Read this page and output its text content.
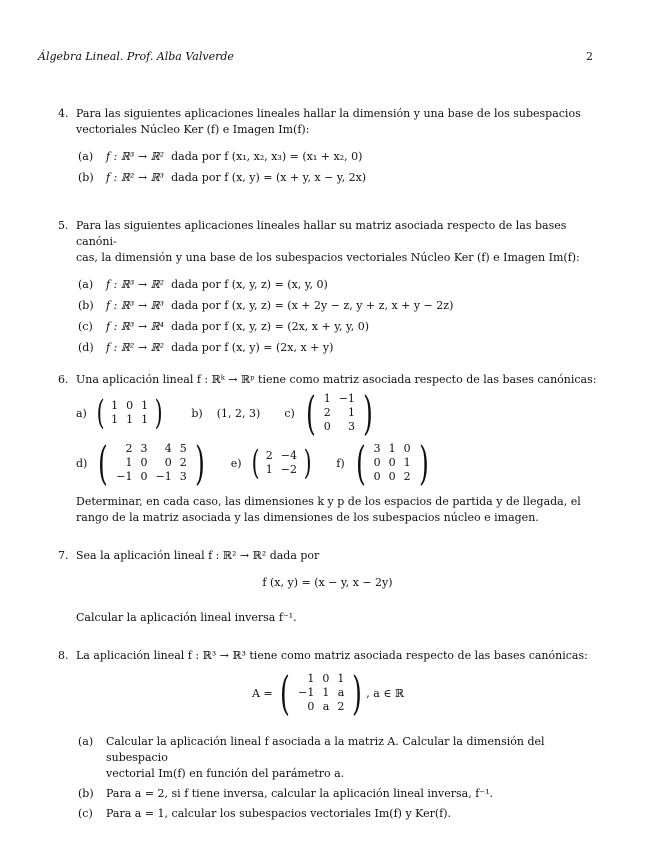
Álgebra Lineal. Prof. Alba Valverde	2
4. Para las siguientes aplicaciones lineales hallar la dimensión y una base de los subespacios
vectoriales Núcleo Ker (f) e Imagen Im(f):
(a)	f : ℝ³ → ℝ²
dada por f (x₁, x₂, x₃) = (x₁ + x₂, 0)
(b)	f : ℝ² → ℝ³
dada por f (x, y) = (x + y, x − y, 2x)
5. Para las siguientes aplicaciones lineales hallar su matriz asociada respecto de las bases canóni-
cas, la dimensión y una base de los subespacios vectoriales Núcleo Ker (f) e Imagen Im(f):
(a)	f : ℝ³ → ℝ²
dada por f (x, y, z) = (x, y, 0)
(b)	f : ℝ³ → ℝ³
dada por f (x, y, z) = (x + 2y − z, y + z, x + y − 2z)
(c)	f : ℝ³ → ℝ⁴
dada por f (x, y, z) = (2x, x + y, y, 0)
(d)	f : ℝ² → ℝ²
dada por f (x, y) = (2x, x + y)
6. Una aplicación lineal f : ℝᵏ → ℝᵖ tiene como matriz asociada respecto de las bases canónicas:
a)
( 1	0	1
1	1	1 )	b) (1, 2, 3) c)
( 1	−1
2	1
0	3 )
d)
( 2	3	4	5
1	0	0	2
−1	0	−1	3 ) e)
( 2	−4
1	−2 ) f)
( 3	1	0
0	0	1
0	0	2 )
Determinar, en cada caso, las dimensiones k y p de los espacios de partida y de llegada, el
rango de la matriz asociada y las dimensiones de los subespacios núcleo e imagen.
7. Sea la aplicación lineal f : ℝ² → ℝ² dada por
f (x, y) = (x − y, x − 2y)
Calcular la aplicación lineal inversa f⁻¹.
8. La aplicación lineal f : ℝ³ → ℝ³ tiene como matriz asociada respecto de las bases canónicas:
A =
( 1	0	1
−1	1	a
0	a	2 ) , a ∈ ℝ
(a)	Calcular la aplicación lineal f asociada a la matriz A. Calcular la dimensión del subespacio
vectorial Im(f) en función del parámetro a.
(b)	Para a = 2, si f tiene inversa, calcular la aplicación lineal inversa, f⁻¹.
(c)	Para a = 1, calcular los subespacios vectoriales Im(f) y Ker(f).
